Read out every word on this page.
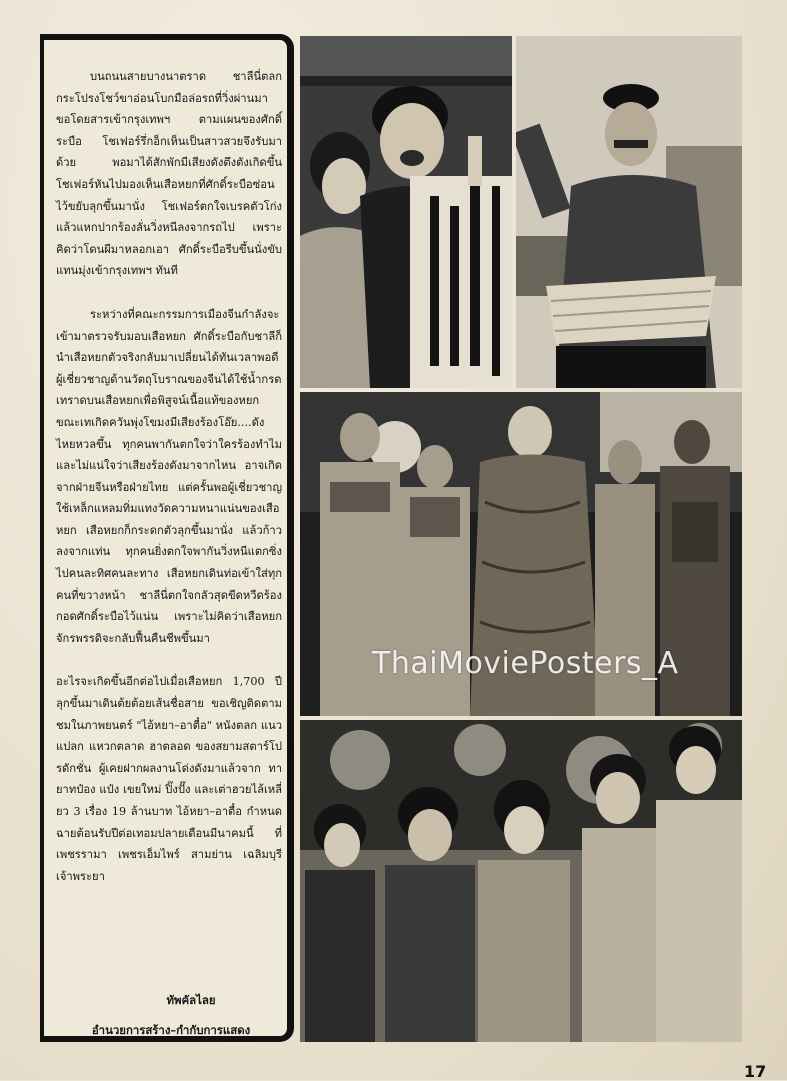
บนถนนสายบางนาตราด ชาลีนี่ตลก กระโปรงโชว์ขาอ่อนโบกมือล่อรถที่วิ่งผ่านมา ขอโดยสารเข้ากรุงเทพฯ ตามแผนของศักดิ์ระบือ โชเฟอร์รึ่กอ็กเห็นเป็นสาวสวยจึงรับมาด้วย พอมาได้สักพักมีเสียงดังตึงตังเกิดขึ้น โชเฟอร์หันไปมองเห็นเสือหยกที่ศักดิ์ระบือซ่อนไว้ขยับลุกขึ้นมานั่ง โชเฟอร์ตกใจเบรคตัวโก่งแล้วแหกปากร้องลั่นวิ่งหนีลงจากรถไป เพราะคิดว่าโดนผีมาหลอกเอา ศักดิ์ระบือรีบขึ้นนั่งขับแทนมุ่งเข้ากรุงเทพฯ ทันที

ระหว่างที่คณะกรรมการเมืองจีนกำลังจะเข้ามาตรวจรับมอบเสือหยก ศักดิ์ระบือกับชาลีก็นำเสือหยกตัวจริงกลับมาเปลี่ยนได้ทันเวลาพอดี ผู้เชี่ยวชาญด้านวัตถุโบราณของจีนได้ใช้น้ำกรดเทราดบนเสือหยกเพื่อพิสูจน์เนื้อแท้ของหยก ขณะเทเกิดควันพุ่งโขมงมีเสียงร้องโอ๊ย....ดังไหยหวลขึ้น ทุกคนพากันตกใจว่าใครร้องทำไม และไม่แน่ใจว่าเสียงร้องดังมาจากไหน อาจเกิดจากฝ่ายจีนหรือฝ่ายไทย แต่ครั้นพอผู้เชี่ยวชาญใช้เหล็กแหลมทิ่มแทงวัดความหนาแน่นของเสือหยก เสือหยกก็กระดกตัวลุกขึ้นมานั่ง แล้วก้าวลงจากแท่น ทุกคนยิ่งตกใจพากันวิ่งหนีแตกซิ่งไปคนละทิศคนละทาง เสือหยกเดินท่อเข้าใส่ทุกคนที่ขวางหน้า ชาลีนี่ตกใจกลัวสุดขีดหวีดร้องกอดศักดิ์ระบือไว้แน่น เพราะไม่คิดว่าเสือหยกจักรพรรดิจะกลับฟื้นคืนชีพขึ้นมา

อะไรจะเกิดขึ้นอีกต่อไปเมื่อเสือหยก 1,700 ปีลุกขึ้นมาเดินต้ยต้อยเส้นชื่อสาย ขอเชิญติดตามชมในภาพยนตร์ "ไอ้หยา–อาตื๋อ" หนังตลก แนวแปลก แหวกตลาด ฮาตลอด ของสยามสตาร์โปรดักชั่น ผู้เคยฝากผลงานโด่งดังมาแล้วจาก ทายาทป๋อง แป๋ง เขยใหม่ ปิ๊งปั๊ง และเต่าฮวยไล้เหลี่ยว 3 เรื่อง 19 ล้านบาท ไอ้หยา–อาตื๋อ กำหนดฉายต้อนรับปีต่อเทอมปลายเดือนมีนาคมนี้ ที่เพชรรามา เพชรเอ็มไพร์ สามย่าน เฉลิมบุรี เจ้าพระยา

ทัพคัลไลย
อำนวยการสร้าง–กำกับการแสดง
ThaiMoviePosters_A
17
